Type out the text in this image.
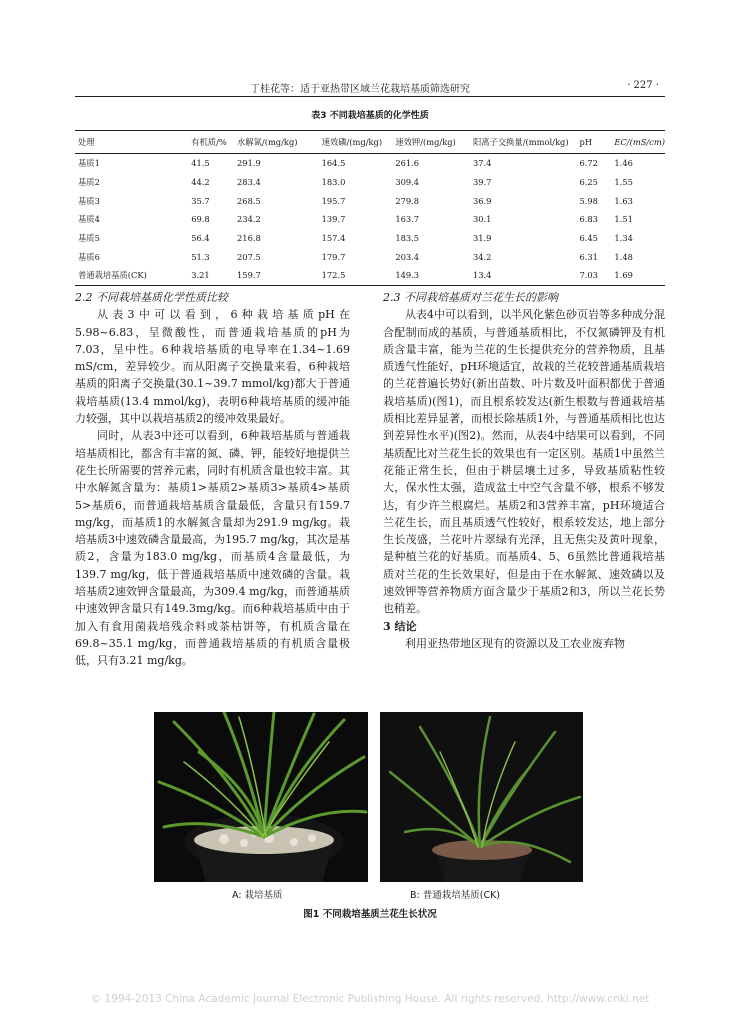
丁桂花等：适于亚热带区域兰花栽培基质筛选研究	· 227 ·
表3 不同栽培基质的化学性质
处理	有机质/%	水解氮/(mg/kg)	速效磷/(mg/kg)	速效钾/(mg/kg)	阳离子交换量/(mmol/kg)	pH	EC/(mS/cm)
基质1	41.5	291.9	164.5	261.6	37.4	6.72	1.46
基质2	44.2	283.4	183.0	309.4	39.7	6.25	1.55
基质3	35.7	268.5	195.7	279.8	36.9	5.98	1.63
基质4	69.8	234.2	139.7	163.7	30.1	6.83	1.51
基质5	56.4	216.8	157.4	183.5	31.9	6.45	1.34
基质6	51.3	207.5	179.7	203.4	34.2	6.31	1.48
普通栽培基质(CK)	3.21	159.7	172.5	149.3	13.4	7.03	1.69
2.2 不同栽培基质化学性质比较

从表3中可以看到，6种栽培基质pH在5.98~6.83，呈微酸性，而普通栽培基质的pH为7.03，呈中性。6种栽培基质的电导率在1.34~1.69 mS/cm，差异较少。而从阳离子交换量来看，6种栽培基质的阳离子交换量(30.1~39.7 mmol/kg)都大于普通栽培基质(13.4 mmol/kg)，表明6种栽培基质的缓冲能力较强，其中以栽培基质2的缓冲效果最好。

同时，从表3中还可以看到，6种栽培基质与普通栽培基质相比，都含有丰富的氮、磷、钾，能较好地提供兰花生长所需要的营养元素，同时有机质含量也较丰富。其中水解氮含量为：基质1>基质2>基质3>基质4>基质5>基质6，而普通栽培基质含量最低，含量只有159.7 mg/kg，而基质1的水解氮含量却为291.9 mg/kg。栽培基质3中速效磷含量最高，为195.7 mg/kg，其次是基质2，含量为183.0 mg/kg，而基质4含量最低，为139.7 mg/kg，低于普通栽培基质中速效磷的含量。栽培基质2速效钾含量最高，为309.4 mg/kg，而普通基质中速效钾含量只有149.3mg/kg。而6种栽培基质中由于加入有食用菌栽培残余料或茶枯饼等，有机质含量在69.8~35.1 mg/kg，而普通栽培基质的有机质含量极低，只有3.21 mg/kg。

2.3 不同栽培基质对兰花生长的影响

从表4中可以看到，以半风化紫色砂页岩等多种成分混合配制而成的基质，与普通基质相比，不仅氮磷钾及有机质含量丰富，能为兰花的生长提供充分的营养物质，且基质透气性能好，pH环境适宜，故栽的兰花较普通基质栽培的兰花普遍长势好(新出苗数、叶片数及叶面积都优于普通栽培基质)(图1)，而且根系较发达(新生根数与普通栽培基质相比差异显著，而根长除基质1外，与普通基质相比也达到差异性水平)(图2)。然而，从表4中结果可以看到，不同基质配比对兰花生长的效果也有一定区别。基质1中虽然兰花能正常生长，但由于耕层壤土过多，导致基质粘性较大，保水性太强，造成盆土中空气含量不够，根系不够发达，有少许兰根腐烂。基质2和3营养丰富，pH环境适合兰花生长，而且基质透气性较好，根系较发达，地上部分生长茂盛，兰花叶片翠绿有光泽，且无焦尖及黄叶现象，是种植兰花的好基质。而基质4、5、6虽然比普通栽培基质对兰花的生长效果好，但是由于在水解氮、速效磷以及速效钾等营养物质方面含量少于基质2和3，所以兰花长势也稍差。

3 结论

利用亚热带地区现有的资源以及工农业废弃物

A: 栽培基质	B: 普通栽培基质(CK)
图1 不同栽培基质兰花生长状况
© 1994-2013 China Academic Journal Electronic Publishing House. All rights reserved. http://www.cnki.net
